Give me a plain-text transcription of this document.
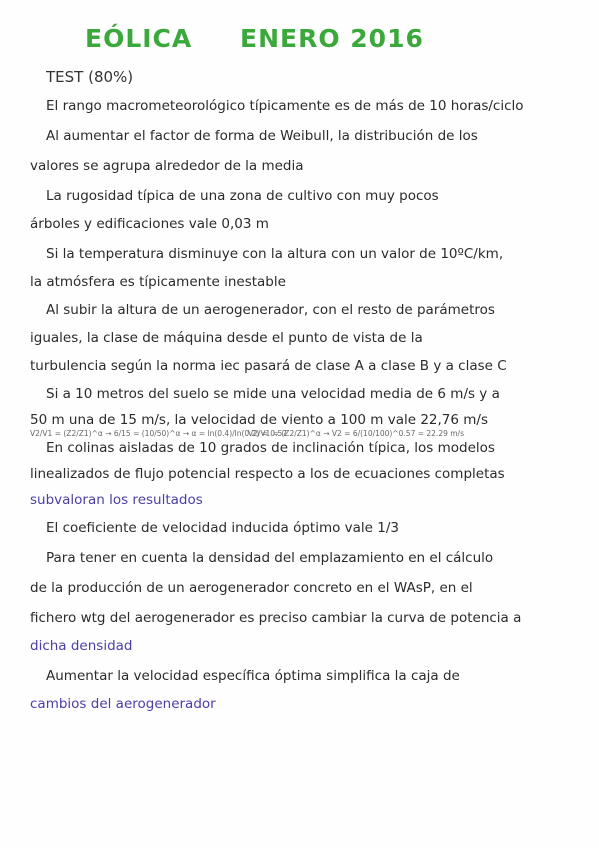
EÓLICA ENERO 2016
TEST (80%)
El rango macrometeorológico típicamente es de más de 10 horas/ciclo
Al aumentar el factor de forma de Weibull, la distribución de los
valores se agrupa alrededor de la media
La rugosidad típica de una zona de cultivo con muy pocos
árboles y edificaciones vale 0,03 m
Si la temperatura disminuye con la altura con un valor de 10ºC/km,
la atmósfera es típicamente inestable
Al subir la altura de un aerogenerador, con el resto de parámetros
iguales, la clase de máquina desde el punto de vista de la
turbulencia según la norma iec pasará de clase A a clase B y a clase C
Si a 10 metros del suelo se mide una velocidad media de 6 m/s y a
50 m una de 15 m/s, la velocidad de viento a 100 m vale 22,76 m/s
V2/V1 = (Z2/Z1)^α → 6/15 = (10/50)^α → α = ln(0.4)/ln(0.2) = 0.57
V2/V1 = (Z2/Z1)^α → V2 = 6/(10/100)^0.57 = 22.29 m/s
En colinas aisladas de 10 grados de inclinación típica, los modelos
linealizados de flujo potencial respecto a los de ecuaciones completas
subvaloran los resultados
El coeficiente de velocidad inducida óptimo vale 1/3
Para tener en cuenta la densidad del emplazamiento en el cálculo
de la producción de un aerogenerador concreto en el WAsP, en el
fichero wtg del aerogenerador es preciso cambiar la curva de potencia a
dicha densidad
Aumentar la velocidad específica óptima simplifica la caja de
cambios del aerogenerador
